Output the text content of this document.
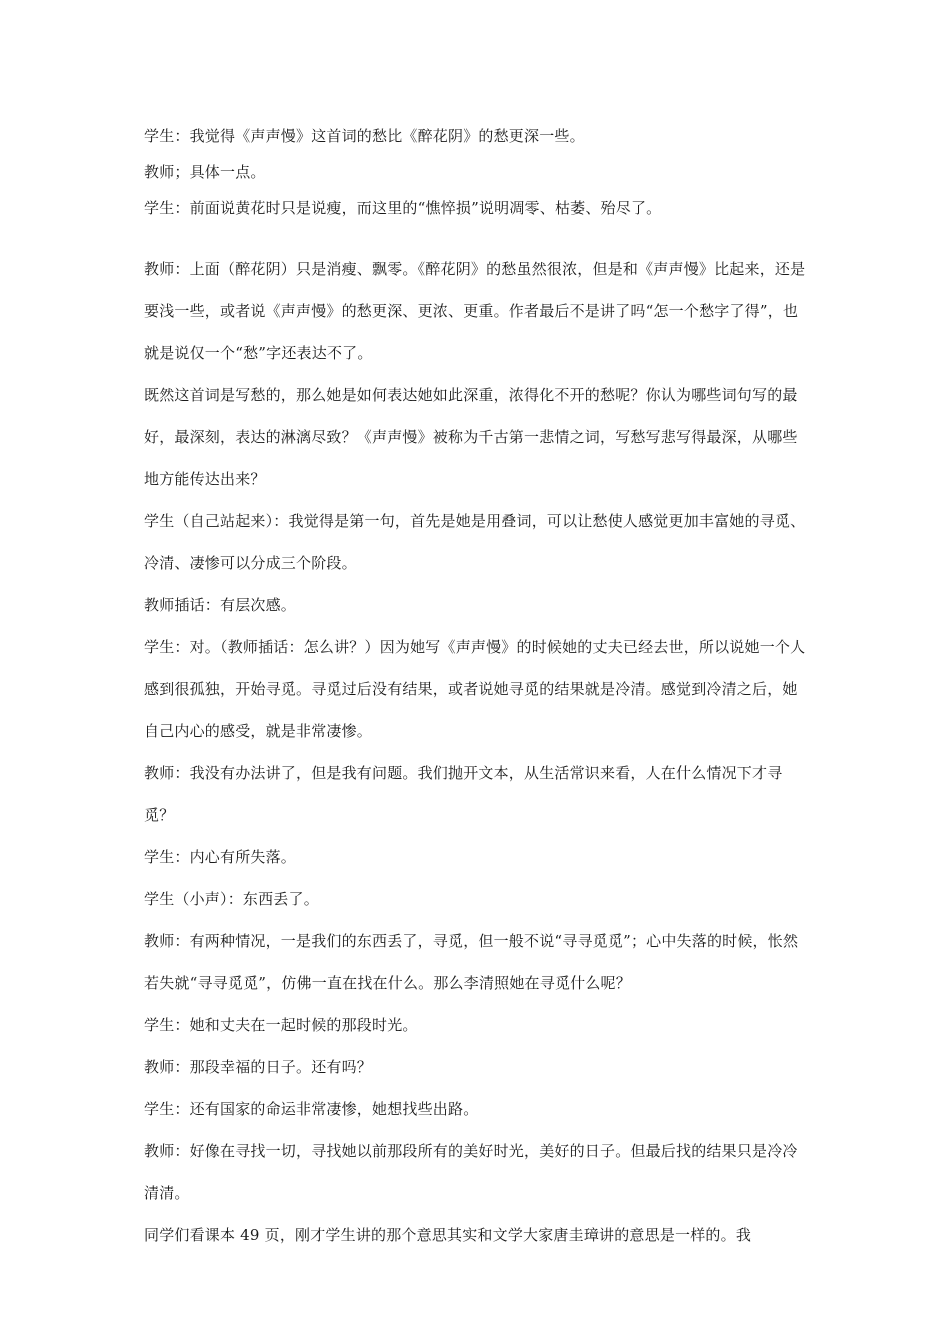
学生：我觉得《声声慢》这首词的愁比《醉花阴》的愁更深一些。

教师；具体一点。

学生：前面说黄花时只是说瘦，而这里的“憔悴损”说明凋零、枯萎、殆尽了。

教师：上面（醉花阴）只是消瘦、飘零。《醉花阴》的愁虽然很浓，但是和《声声慢》比起来，还是要浅一些，或者说《声声慢》的愁更深、更浓、更重。作者最后不是讲了吗“怎一个愁字了得”，也就是说仅一个“愁”字还表达不了。

既然这首词是写愁的，那么她是如何表达她如此深重，浓得化不开的愁呢？你认为哪些词句写的最好，最深刻，表达的淋漓尽致？《声声慢》被称为千古第一悲情之词，写愁写悲写得最深，从哪些地方能传达出来？

学生（自己站起来）：我觉得是第一句，首先是她是用叠词，可以让愁使人感觉更加丰富她的寻觅、冷清、凄惨可以分成三个阶段。

教师插话：有层次感。

学生：对。（教师插话：怎么讲？）因为她写《声声慢》的时候她的丈夫已经去世，所以说她一个人感到很孤独，开始寻觅。寻觅过后没有结果，或者说她寻觅的结果就是冷清。感觉到冷清之后，她自己内心的感受，就是非常凄惨。

教师：我没有办法讲了，但是我有问题。我们抛开文本，从生活常识来看，人在什么情况下才寻觅？

学生：内心有所失落。

学生（小声）：东西丢了。

教师：有两种情况，一是我们的东西丢了，寻觅，但一般不说“寻寻觅觅”；心中失落的时候，怅然若失就“寻寻觅觅”，仿佛一直在找在什么。那么李清照她在寻觅什么呢？

学生：她和丈夫在一起时候的那段时光。

教师：那段幸福的日子。还有吗？

学生：还有国家的命运非常凄惨，她想找些出路。

教师：好像在寻找一切，寻找她以前那段所有的美好时光，美好的日子。但最后找的结果只是冷冷清清。

同学们看课本 49 页，刚才学生讲的那个意思其实和文学大家唐圭璋讲的意思是一样的。我
